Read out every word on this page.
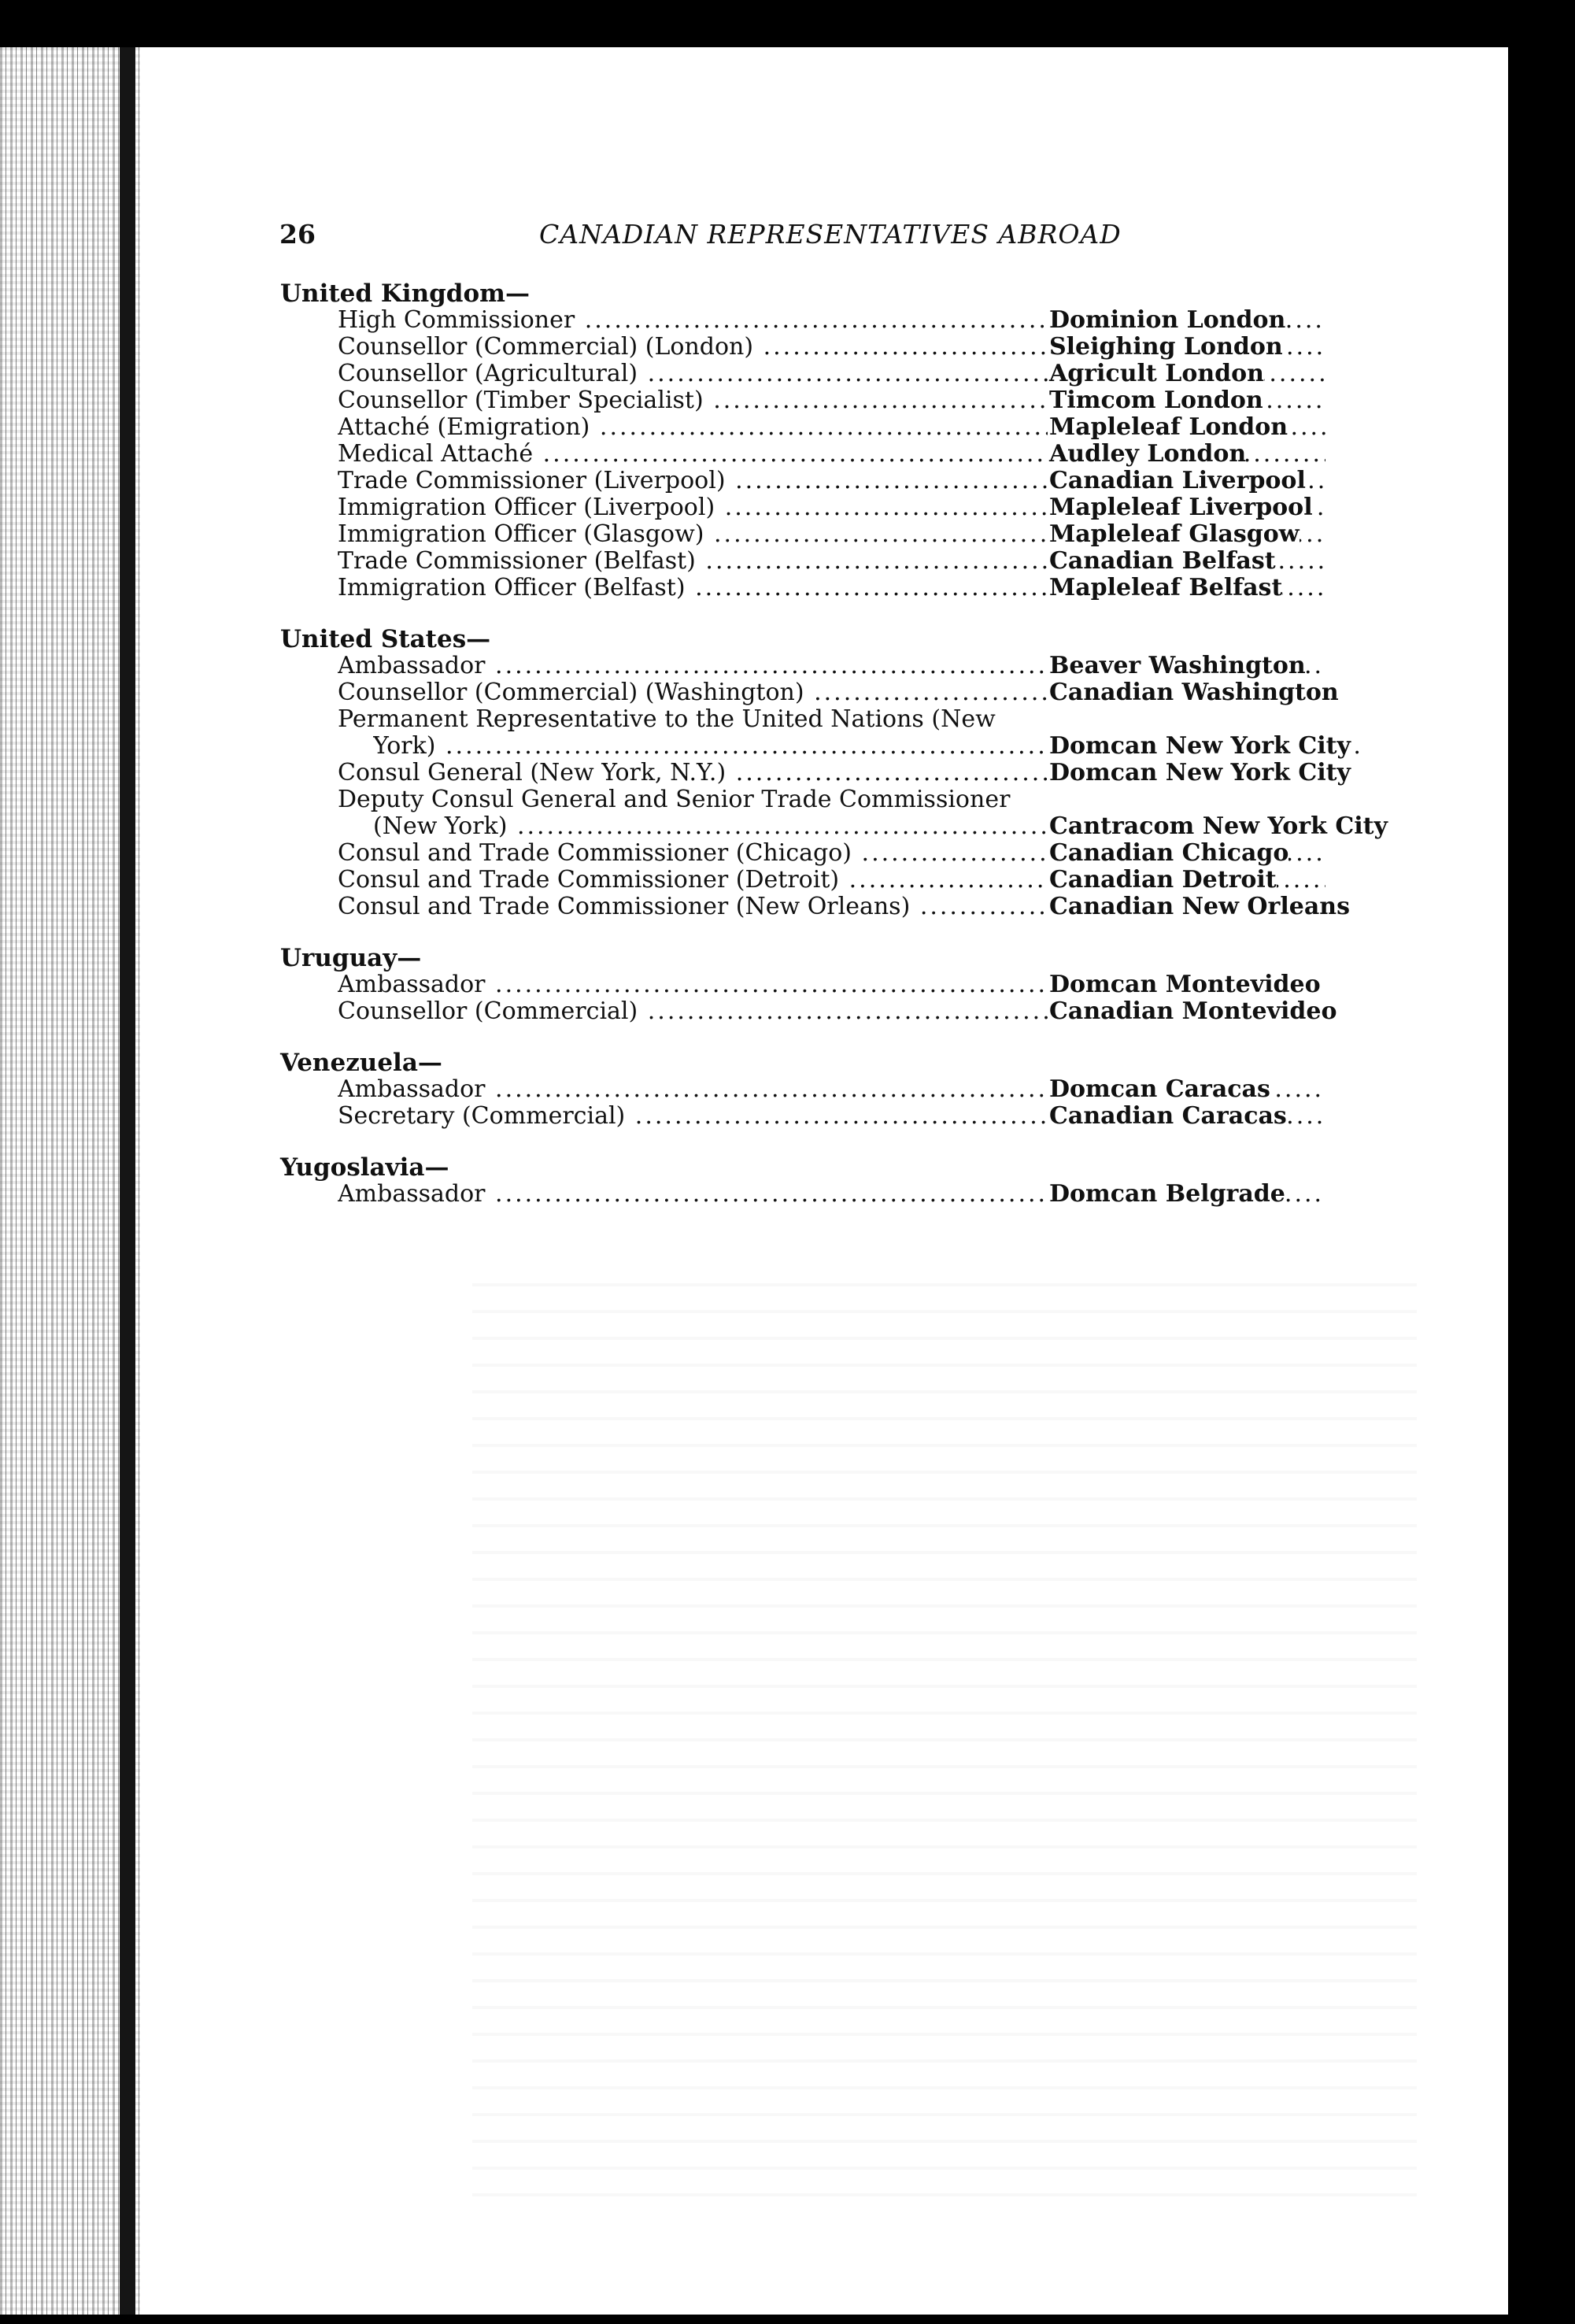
26	CANADIAN REPRESENTATIVES ABROAD
United Kingdom—
High Commissioner .....	Dominion London
Counsellor (Commercial) (London) .....	Sleighing London
Counsellor (Agricultural) .....	Agricult London
Counsellor (Timber Specialist) .....	Timcom London
Attaché (Emigration) .....	Mapleleaf London
Medical Attaché .....	Audley London
Trade Commissioner (Liverpool) .....	Canadian Liverpool
Immigration Officer (Liverpool) .....	Mapleleaf Liverpool
Immigration Officer (Glasgow) .....	Mapleleaf Glasgow
Trade Commissioner (Belfast) .....	Canadian Belfast
Immigration Officer (Belfast) .....	Mapleleaf Belfast
United States—
Ambassador .....	Beaver Washington
Counsellor (Commercial) (Washington) .....	Canadian Washington
Permanent Representative to the United Nations (New
York) .....	Domcan New York City
Consul General (New York, N.Y.) .....	Domcan New York City
Deputy Consul General and Senior Trade Commissioner
(New York) .....	Cantracom New York City
Consul and Trade Commissioner (Chicago) .....	Canadian Chicago
Consul and Trade Commissioner (Detroit) .....	Canadian Detroit
Consul and Trade Commissioner (New Orleans) .....	Canadian New Orleans
Uruguay—
Ambassador .....	Domcan Montevideo
Counsellor (Commercial) .....	Canadian Montevideo
Venezuela—
Ambassador .....	Domcan Caracas
Secretary (Commercial) .....	Canadian Caracas
Yugoslavia—
Ambassador .....	Domcan Belgrade
